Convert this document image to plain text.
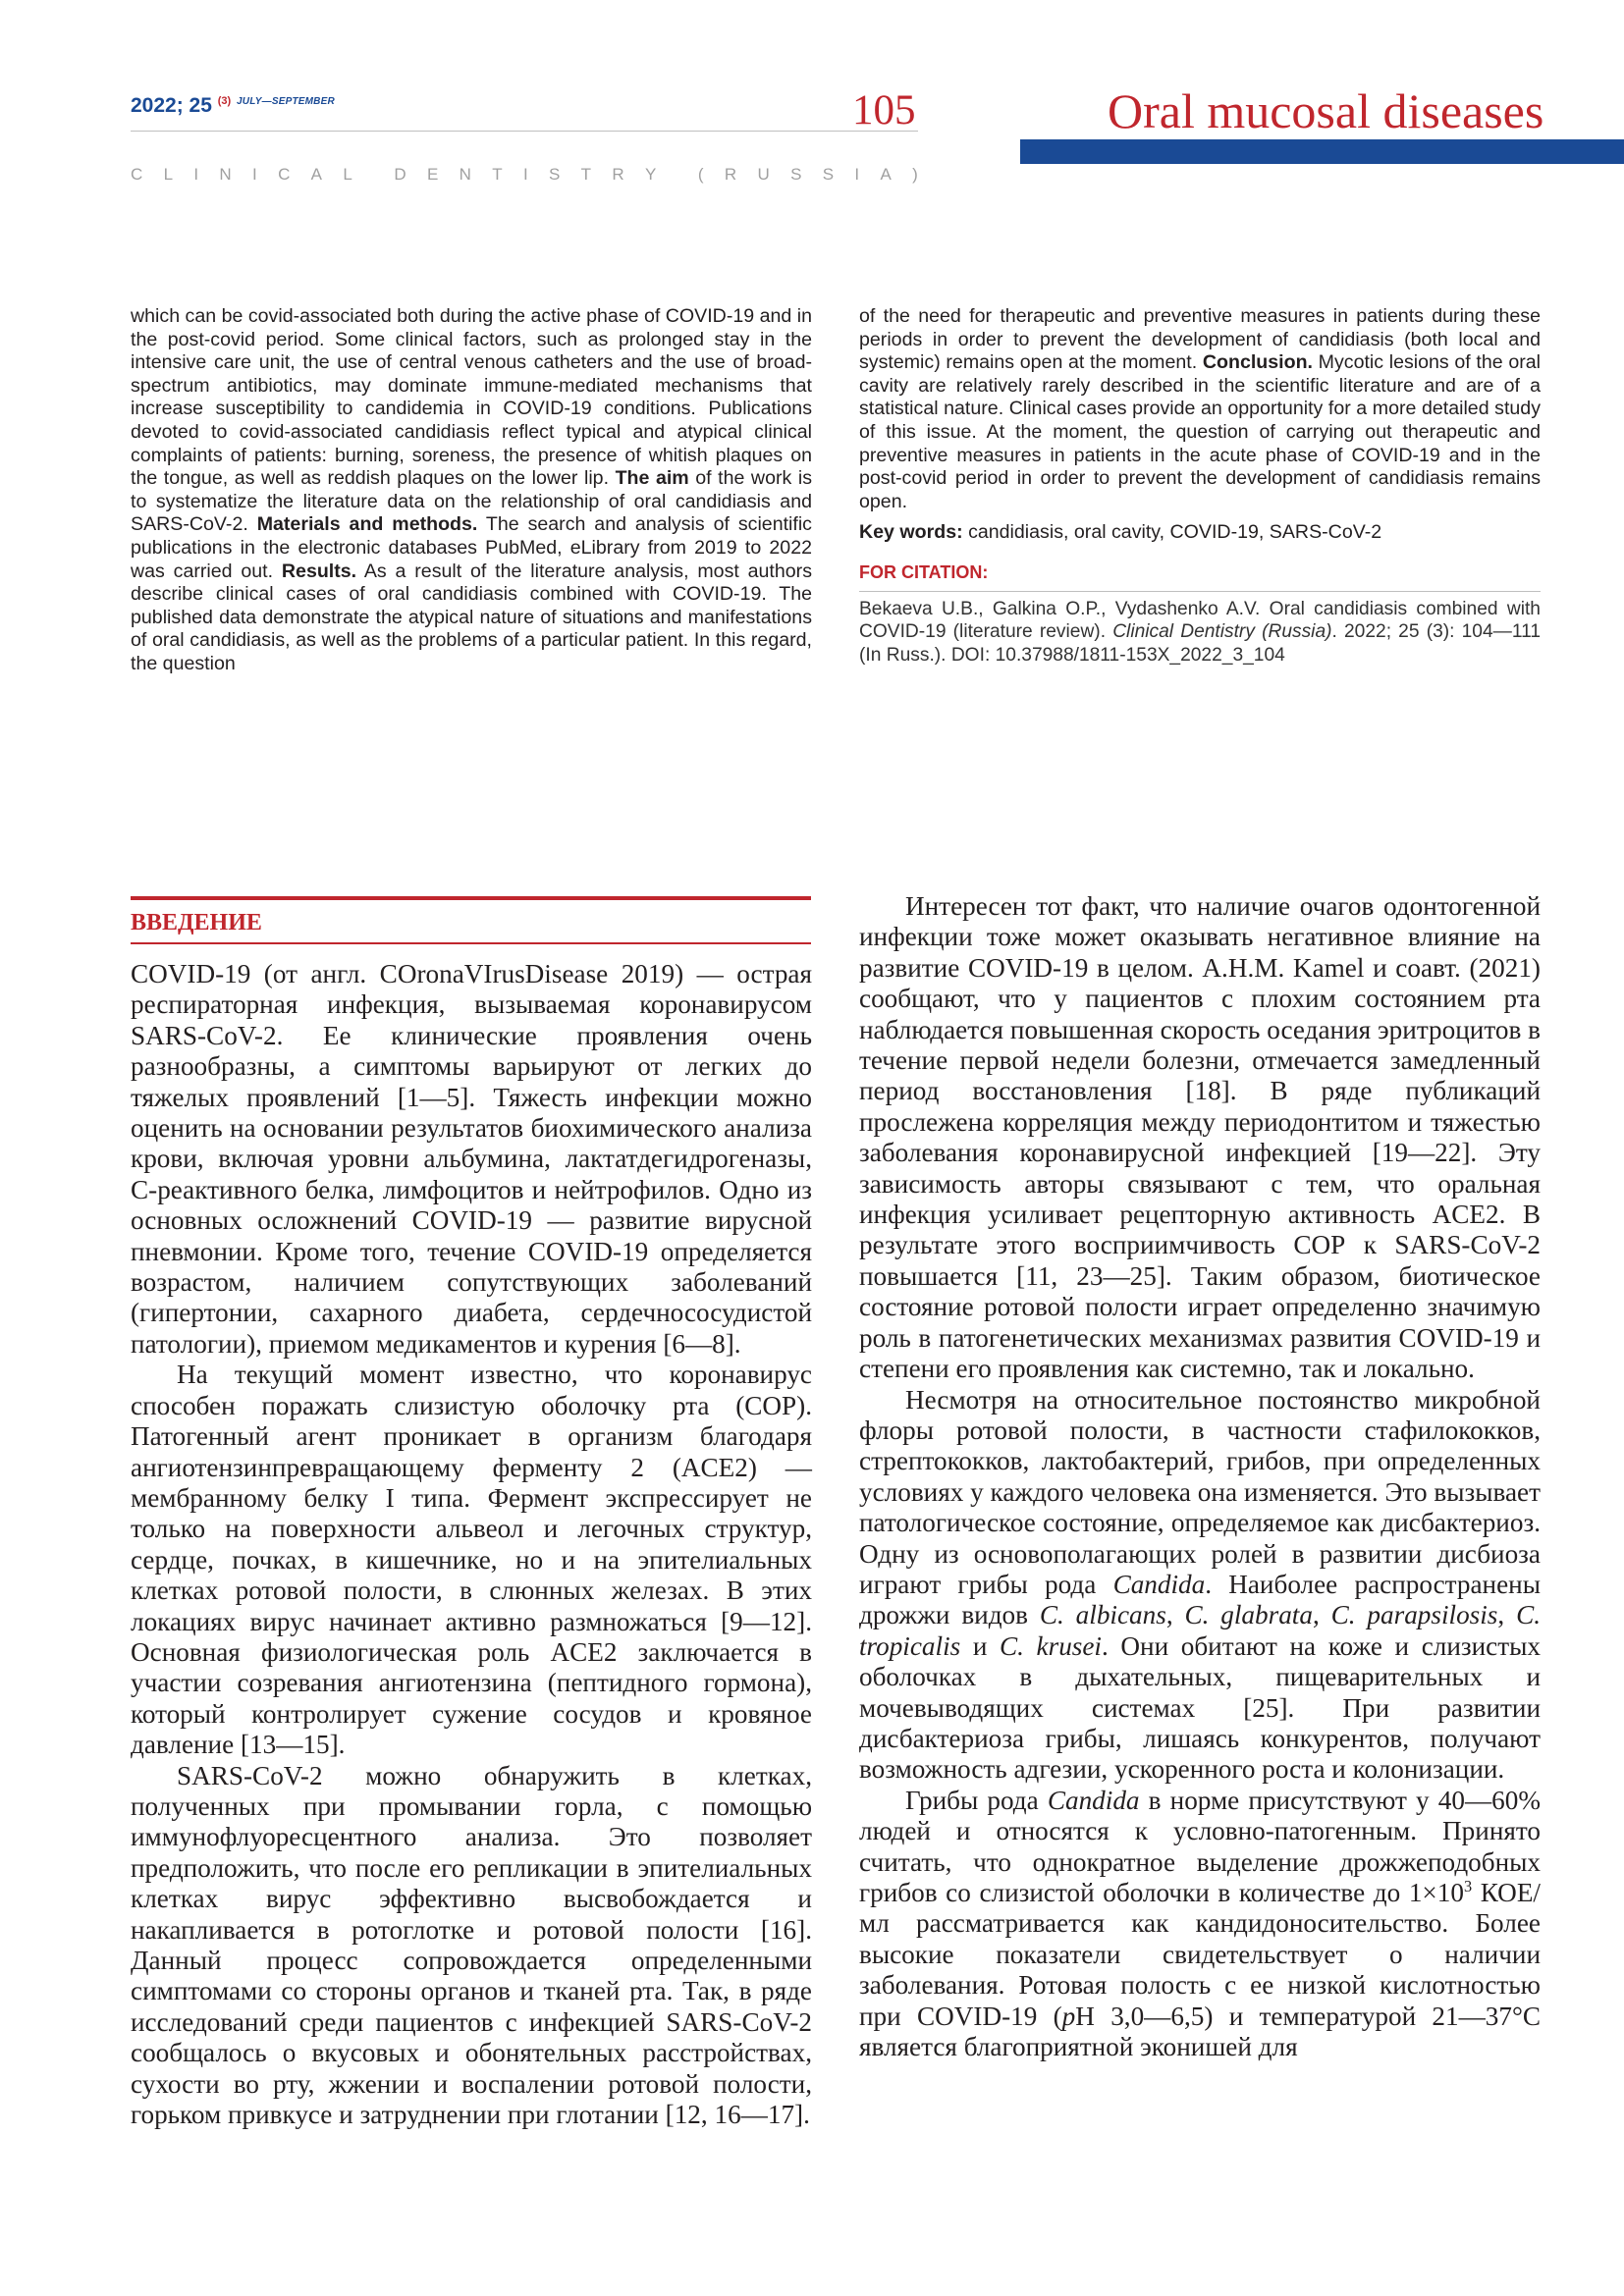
2022; 25 $^{(3)}$ $^{JULY—SEPTEMBER}$	105
C L I N I C A L	D E N T I S T R Y	( R U S S I A )
Oral mucosal diseases

which can be covid-associated both during the active phase of COVID-19 and in the post-covid period. Some clinical factors, such as prolonged stay in the intensive care unit, the use of central venous catheters and the use of broad-spectrum antibiotics, may dominate immune-mediated mechanisms that increase susceptibility to candidemia in COVID-19 conditions. Publications devoted to covid-associated candidiasis reflect typical and atypical clinical complaints of patients: burning, soreness, the presence of whitish plaques on the tongue, as well as reddish plaques on the lower lip. The aim of the work is to systematize the literature data on the relationship of oral candidiasis and SARS-CoV-2. Materials and methods. The search and analysis of scientific publications in the electronic databases PubMed, eLibrary from 2019 to 2022 was carried out. Results. As a result of the literature analysis, most authors describe clinical cases of oral candidiasis combined with COVID-19. The published data demonstrate the atypical nature of situations and manifestations of oral candidiasis, as well as the problems of a particular patient. In this regard, the question

of the need for therapeutic and preventive measures in patients during these periods in order to prevent the development of candidiasis (both local and systemic) remains open at the moment. Conclusion. Mycotic lesions of the oral cavity are relatively rarely described in the scientific literature and are of a statistical nature. Clinical cases provide an opportunity for a more detailed study of this issue. At the moment, the question of carrying out therapeutic and preventive measures in patients in the acute phase of COVID-19 and in the post-covid period in order to prevent the development of candidiasis remains open.

Key words: candidiasis, oral cavity, COVID-19, SARS-CoV-2

FOR CITATION:

Bekaeva U.B., Galkina O.P., Vydashenko A.V. Oral candidiasis combined with COVID-19 (literature review). Clinical Dentistry (Russia). 2022; 25 (3): 104—111 (In Russ.). DOI: 10.37988/1811-153X_2022_3_104

ВВЕДЕНИЕ

COVID-19 (от англ. COronaVIrusDisease 2019) — острая респираторная инфекция, вызываемая коронавирусом SARS-CoV-2. Ее клинические проявления очень разнообразны, а симптомы варьируют от легких до тяжелых проявлений [1—5]. Тяжесть инфекции можно оценить на основании результатов биохимического анализа крови, включая уровни альбумина, лактатдегидрогеназы, С-реактивного белка, лимфоцитов и нейтрофилов. Одно из основных осложнений COVID-19 — развитие вирусной пневмонии. Кроме того, течение COVID-19 определяется возрастом, наличием сопутствующих заболеваний (гипертонии, сахарного диабета, сердечнососудистой патологии), приемом медикаментов и курения [6—8].

На текущий момент известно, что коронавирус способен поражать слизистую оболочку рта (СОР). Патогенный агент проникает в организм благодаря ангиотензинпревращающему ферменту 2 (ACE2) — мембранному белку I типа. Фермент экспрессирует не только на поверхности альвеол и легочных структур, сердце, почках, в кишечнике, но и на эпителиальных клетках ротовой полости, в слюнных железах. В этих локациях вирус начинает активно размножаться [9—12]. Основная физиологическая роль ACE2 заключается в участии созревания ангиотензина (пептидного гормона), который контролирует сужение сосудов и кровяное давление [13—15].

SARS-CoV-2 можно обнаружить в клетках, полученных при промывании горла, с помощью иммунофлуоресцентного анализа. Это позволяет предположить, что после его репликации в эпителиальных клетках вирус эффективно высвобождается и накапливается в ротоглотке и ротовой полости [16]. Данный процесс сопровождается определенными симптомами со стороны органов и тканей рта. Так, в ряде исследований среди пациентов с инфекцией SARS-CoV-2 сообщалось о вкусовых и обонятельных расстройствах, сухости во рту, жжении и воспалении ротовой полости, горьком привкусе и затруднении при глотании [12, 16—17].

Интересен тот факт, что наличие очагов одонтогенной инфекции тоже может оказывать негативное влияние на развитие COVID-19 в целом. A.H.M. Kamel и соавт. (2021) сообщают, что у пациентов с плохим состоянием рта наблюдается повышенная скорость оседания эритроцитов в течение первой недели болезни, отмечается замедленный период восстановления [18]. В ряде публикаций прослежена корреляция между периодонтитом и тяжестью заболевания коронавирусной инфекцией [19—22]. Эту зависимость авторы связывают с тем, что оральная инфекция усиливает рецепторную активность ACE2. В результате этого восприимчивость СОР к SARS-CoV-2 повышается [11, 23—25]. Таким образом, биотическое состояние ротовой полости играет определенно значимую роль в патогенетических механизмах развития COVID-19 и степени его проявления как системно, так и локально.

Несмотря на относительное постоянство микробной флоры ротовой полости, в частности стафилококков, стрептококков, лактобактерий, грибов, при определенных условиях у каждого человека она изменяется. Это вызывает патологическое состояние, определяемое как дисбактериоз. Одну из основополагающих ролей в развитии дисбиоза играют грибы рода Candida. Наиболее распространены дрожжи видов C. albicans, C. glabrata, C. parapsilosis, C. tropicalis и C. krusei. Они обитают на коже и слизистых оболочках в дыхательных, пищеварительных и мочевыводящих системах [25]. При развитии дисбактериоза грибы, лишаясь конкурентов, получают возможность адгезии, ускоренного роста и колонизации.

Грибы рода Candida в норме присутствуют у 40—60% людей и относятся к условно-патогенным. Принято считать, что однократное выделение дрожжеподобных грибов со слизистой оболочки в количестве до $1\times 10^3$ КОЕ/мл рассматривается как кандидоносительство. Более высокие показатели свидетельствует о наличии заболевания. Ротовая полость с ее низкой кислотностью при COVID-19 (pH 3,0—6,5) и температурой 21—37°С является благоприятной эконишей для
